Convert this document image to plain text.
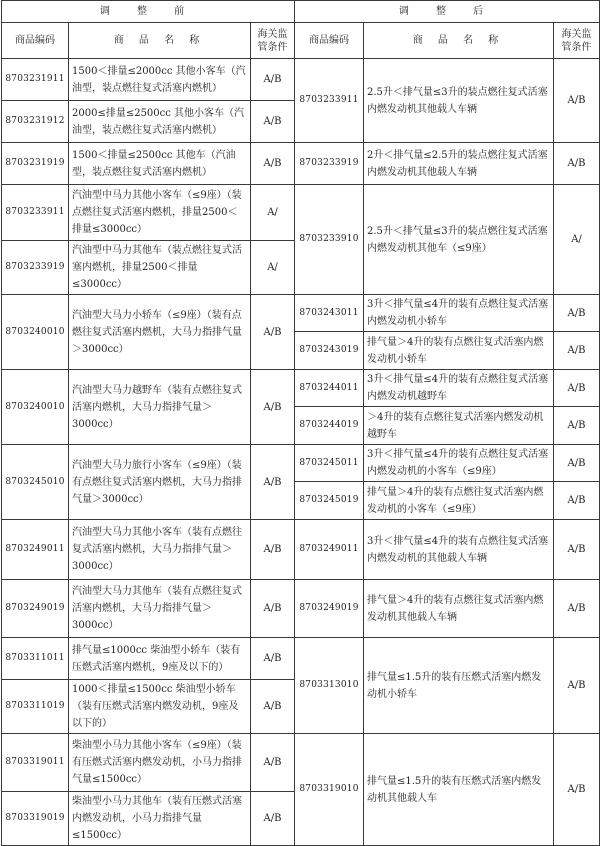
调 整 前			调 整 后		
商品编码	商 品 名 称	海关监管条件	商品编码	商 品 名 称	海关监管条件
8703231911	1500＜排量≤2000cc 其他小客车（汽油型，装点燃往复式活塞内燃机）	A/B	8703233911	2.5升＜排气量≤3升的装点燃往复式活塞内燃发动机其他载人车辆	A/B
8703231912	2000≤排量≤2500cc 其他小客车（汽油型，装点燃往复式活塞内燃机）	A/B			
8703231919	1500＜排量≤2500cc 其他车（汽油型，装点燃往复式活塞内燃机）	A/B	8703233919	2升＜排气量≤2.5升的装点燃往复式活塞内燃发动机其他载人车辆	A/B
8703233911	汽油型中马力其他小客车（≤9座）（装点燃往复式活塞内燃机，排量2500＜排量≤3000cc）	A/	8703233910	2.5升＜排气量≤3升的装点燃往复式活塞内燃发动机其他车（≤9座）	A/
8703233919	汽油型中马力其他车（装点燃往复式活塞内燃机，排量2500＜排量≤3000cc）	A/			
8703240010	汽油型大马力小轿车（≤9座）（装有点燃往复式活塞内燃机，大马力指排气量＞3000cc）	A/B	8703243011	3升＜排气量≤4升的装有点燃往复式活塞内燃发动机小轿车	A/B
			8703243019	排气量＞4升的装有点燃往复式活塞内燃发动机小轿车	A/B
8703240010	汽油型大马力越野车（装有点燃往复式活塞内燃机，大马力指排气量＞3000cc）	A/B	8703244011	3升＜排气量≤4升的装有点燃往复式活塞内燃发动机越野车	A/B
			8703244019	＞4升的装有点燃往复式活塞内燃发动机越野车	A/B
8703245010	汽油型大马力旅行小客车（≤9座）（装有点燃往复式活塞内燃机，大马力指排气量＞3000cc）	A/B	8703245011	3升＜排气量≤4升的装有点燃往复式活塞内燃发动机的小客车（≤9座）	A/B
			8703245019	排气量＞4升的装有点燃往复式活塞内燃发动机的小客车（≤9座）	A/B
8703249011	汽油型大马力其他小客车（装有点燃往复式活塞内燃机，大马力指排气量＞3000cc）	A/B	8703249011	3升＜排气量≤4升的装有点燃往复式活塞内燃发动机的其他载人车辆	A/B
8703249019	汽油型大马力其他车（装有点燃往复式活塞内燃机，大马力指排气量＞3000cc）	A/B	8703249019	排气量＞4升的装有点燃往复式活塞内燃发动机其他载人车辆	A/B
8703311011	排气量≤1000cc 柴油型小轿车（装有压燃式活塞内燃机，9座及以下的）	A/B	8703313010	排气量≤1.5升的装有压燃式活塞内燃发动机小轿车	A/B
8703311019	1000＜排量≤1500cc 柴油型小轿车（装有压燃式活塞内燃发动机，9座及以下的）	A/B			
8703319011	柴油型小马力其他小客车（≤9座）（装有压燃式活塞内燃发动机，小马力指排气量≤1500cc）	A/B	8703319010	排气量≤1.5升的装有压燃式活塞内燃发动机其他载人车	A/B
8703319019	柴油型小马力其他车（装有压燃式活塞内燃发动机，小马力指排气量≤1500cc）	A/B			
